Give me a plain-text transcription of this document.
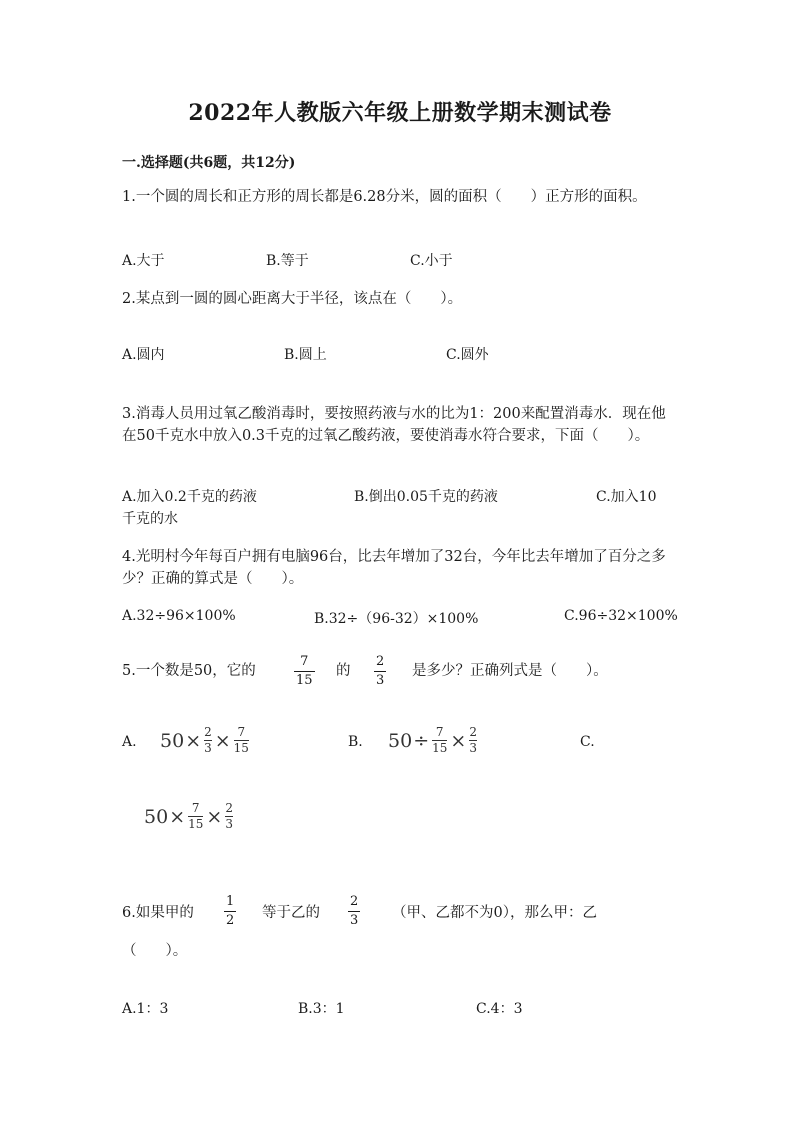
2022年人教版六年级上册数学期末测试卷
一.选择题(共6题，共12分)
1.一个圆的周长和正方形的周长都是6.28分米，圆的面积（　　）正方形的面积。
A.大于	B.等于	C.小于
2.某点到一圆的圆心距离大于半径，该点在（　　）。
A.圆内	B.圆上	C.圆外
3.消毒人员用过氧乙酸消毒时，要按照药液与水的比为1：200来配置消毒水．现在他在50千克水中放入0.3千克的过氧乙酸药液，要使消毒水符合要求，下面（　　）。
A.加入0.2千克的药液	B.倒出0.05千克的药液	C.加入10千克的水
4.光明村今年每百户拥有电脑96台，比去年增加了32台，今年比去年增加了百分之多少？正确的算式是（　　）。
A.32÷96×100%	B.32÷（96-32）×100%	C.96÷32×100%
5.一个数是50，它的
7
15
的
2
3
是多少？正确列式是（　　）。
A. 50 × 2
3 × 7
15	B. 50 ÷ 7
15 × 2
3	C.
50 × 7
15 × 2
3
6.如果甲的
1
2 等于乙的
2
3 （甲、乙都不为0），那么甲：乙
（　　）。
A.1：3	B.3：1	C.4：3
